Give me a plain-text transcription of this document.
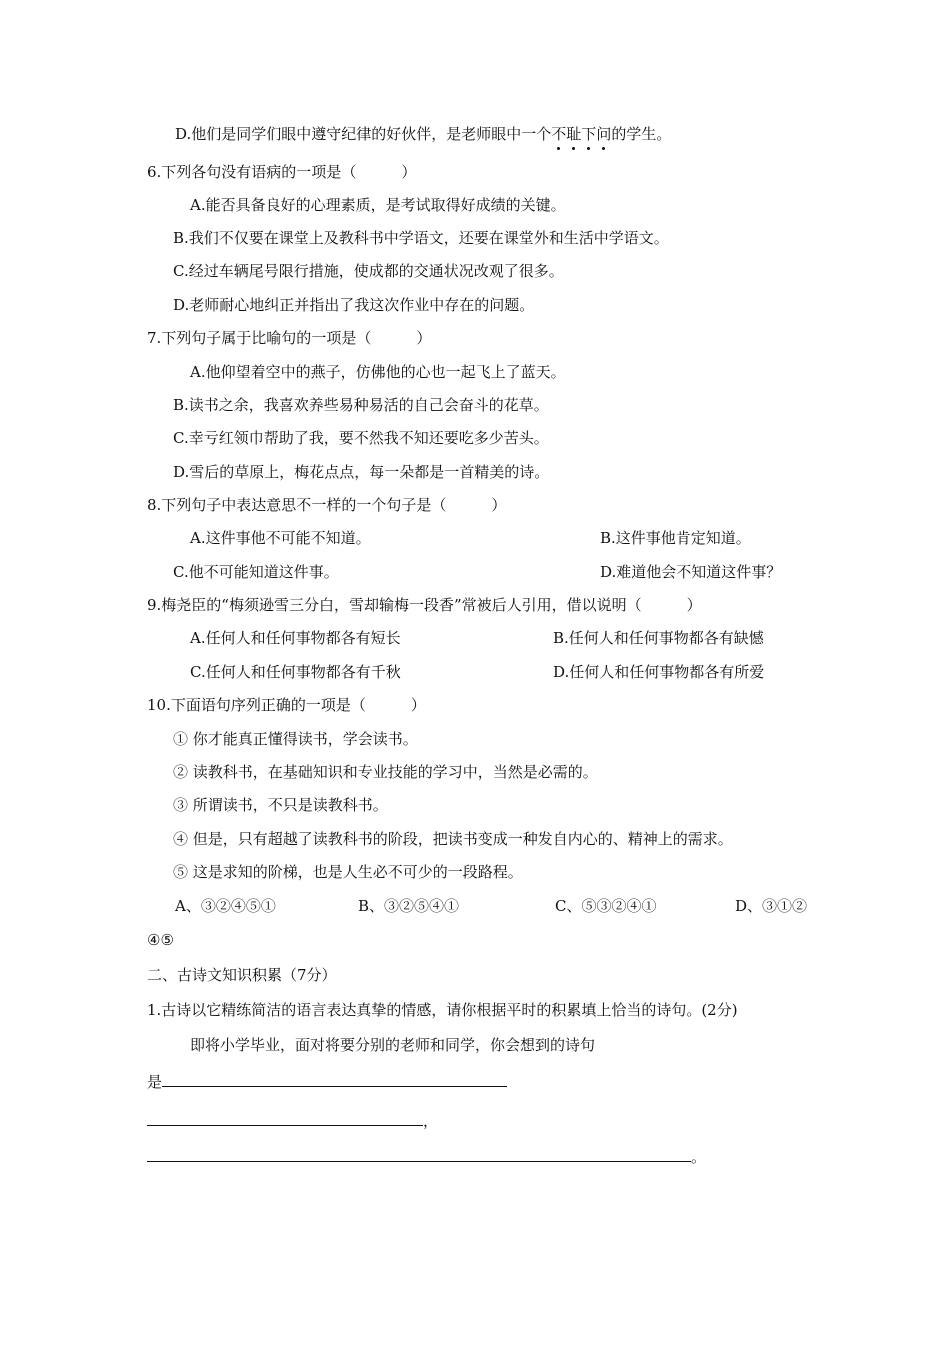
D.他们是同学们眼中遵守纪律的好伙伴，是老师眼中一个不耻下问的学生。
6.下列各句没有语病的一项是（　　　）
A.能否具备良好的心理素质，是考试取得好成绩的关键。
B.我们不仅要在课堂上及教科书中学语文，还要在课堂外和生活中学语文。
C.经过车辆尾号限行措施，使成都的交通状况改观了很多。
D.老师耐心地纠正并指出了我这次作业中存在的问题。
7.下列句子属于比喻句的一项是（　　　）
A.他仰望着空中的燕子，仿佛他的心也一起飞上了蓝天。
B.读书之余，我喜欢养些易种易活的自己会奋斗的花草。
C.幸亏红领巾帮助了我，要不然我不知还要吃多少苦头。
D.雪后的草原上，梅花点点，每一朵都是一首精美的诗。
8.下列句子中表达意思不一样的一个句子是（　　　）
A.这件事他不可能不知道。	B.这件事他肯定知道。
C.他不可能知道这件事。	D.难道他会不知道这件事？
9.梅尧臣的“梅须逊雪三分白，雪却输梅一段香”常被后人引用，借以说明（　　　）
A.任何人和任何事物都各有短长	B.任何人和任何事物都各有缺憾
C.任何人和任何事物都各有千秋	D.任何人和任何事物都各有所爱
10.下面语句序列正确的一项是（　　　）
① 你才能真正懂得读书，学会读书。
② 读教科书，在基础知识和专业技能的学习中，当然是必需的。
③ 所谓读书，不只是读教科书。
④ 但是，只有超越了读教科书的阶段，把读书变成一种发自内心的、精神上的需求。
⑤ 这是求知的阶梯，也是人生必不可少的一段路程。
A、③②④⑤①	B、③②⑤④①	C、⑤③②④①	D、③①②
④⑤
二、古诗文知识积累（7分）
1.古诗以它精练简洁的语言表达真挚的情感，请你根据平时的积累填上恰当的诗句。(2分)
即将小学毕业，面对将要分别的老师和同学，你会想到的诗句
是
，
。
